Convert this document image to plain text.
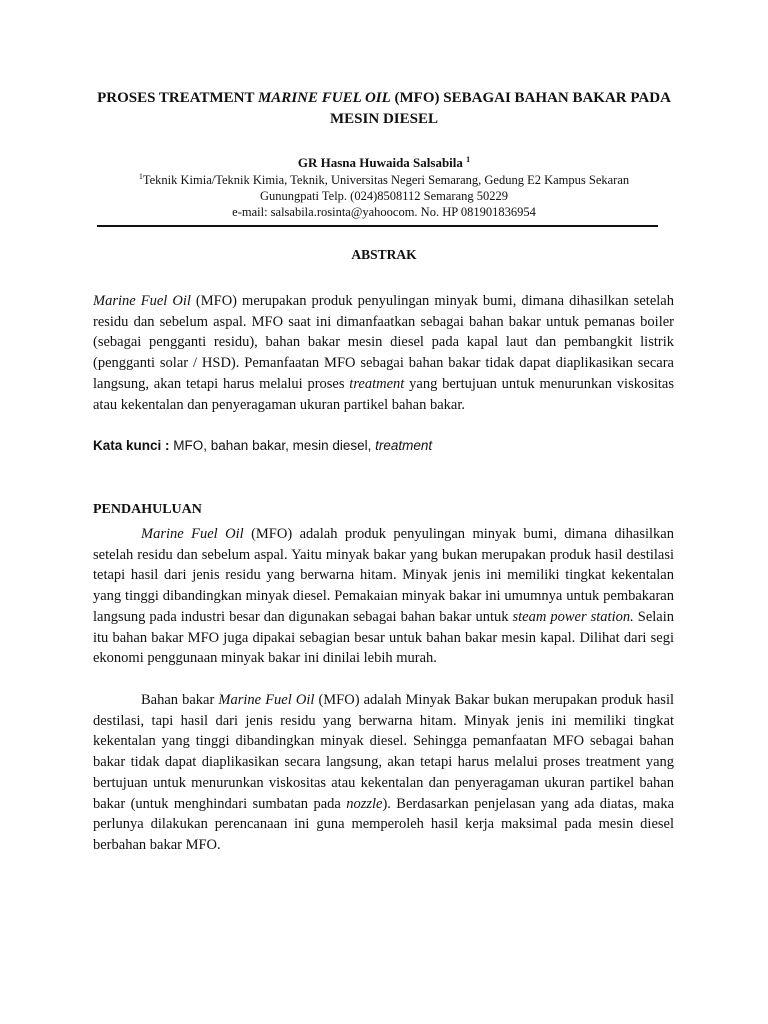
PROSES TREATMENT MARINE FUEL OIL (MFO) SEBAGAI BAHAN BAKAR PADA MESIN DIESEL
GR Hasna Huwaida Salsabila $^1$
$^1$Teknik Kimia/Teknik Kimia, Teknik, Universitas Negeri Semarang, Gedung E2 Kampus Sekaran
Gunungpati Telp. (024)8508112 Semarang 50229
e-mail: salsabila.rosinta@yahoocom. No. HP 081901836954
ABSTRAK
Marine Fuel Oil (MFO) merupakan produk penyulingan minyak bumi, dimana dihasilkan setelah residu dan sebelum aspal. MFO saat ini dimanfaatkan sebagai bahan bakar untuk pemanas boiler (sebagai pengganti residu), bahan bakar mesin diesel pada kapal laut dan pembangkit listrik (pengganti solar / HSD). Pemanfaatan MFO sebagai bahan bakar tidak dapat diaplikasikan secara langsung, akan tetapi harus melalui proses treatment yang bertujuan untuk menurunkan viskositas atau kekentalan dan penyeragaman ukuran partikel bahan bakar.
Kata kunci : MFO, bahan bakar, mesin diesel, treatment
PENDAHULUAN
Marine Fuel Oil (MFO) adalah produk penyulingan minyak bumi, dimana dihasilkan setelah residu dan sebelum aspal. Yaitu minyak bakar yang bukan merupakan produk hasil destilasi tetapi hasil dari jenis residu yang berwarna hitam. Minyak jenis ini memiliki tingkat kekentalan yang tinggi dibandingkan minyak diesel. Pemakaian minyak bakar ini umumnya untuk pembakaran langsung pada industri besar dan digunakan sebagai bahan bakar untuk steam power station. Selain itu bahan bakar MFO juga dipakai sebagian besar untuk bahan bakar mesin kapal. Dilihat dari segi ekonomi penggunaan minyak bakar ini dinilai lebih murah.
Bahan bakar Marine Fuel Oil (MFO) adalah Minyak Bakar bukan merupakan produk hasil destilasi, tapi hasil dari jenis residu yang berwarna hitam. Minyak jenis ini memiliki tingkat kekentalan yang tinggi dibandingkan minyak diesel. Sehingga pemanfaatan MFO sebagai bahan bakar tidak dapat diaplikasikan secara langsung, akan tetapi harus melalui proses treatment yang bertujuan untuk menurunkan viskositas atau kekentalan dan penyeragaman ukuran partikel bahan bakar (untuk menghindari sumbatan pada nozzle). Berdasarkan penjelasan yang ada diatas, maka perlunya dilakukan perencanaan ini guna memperoleh hasil kerja maksimal pada mesin diesel berbahan bakar MFO.
